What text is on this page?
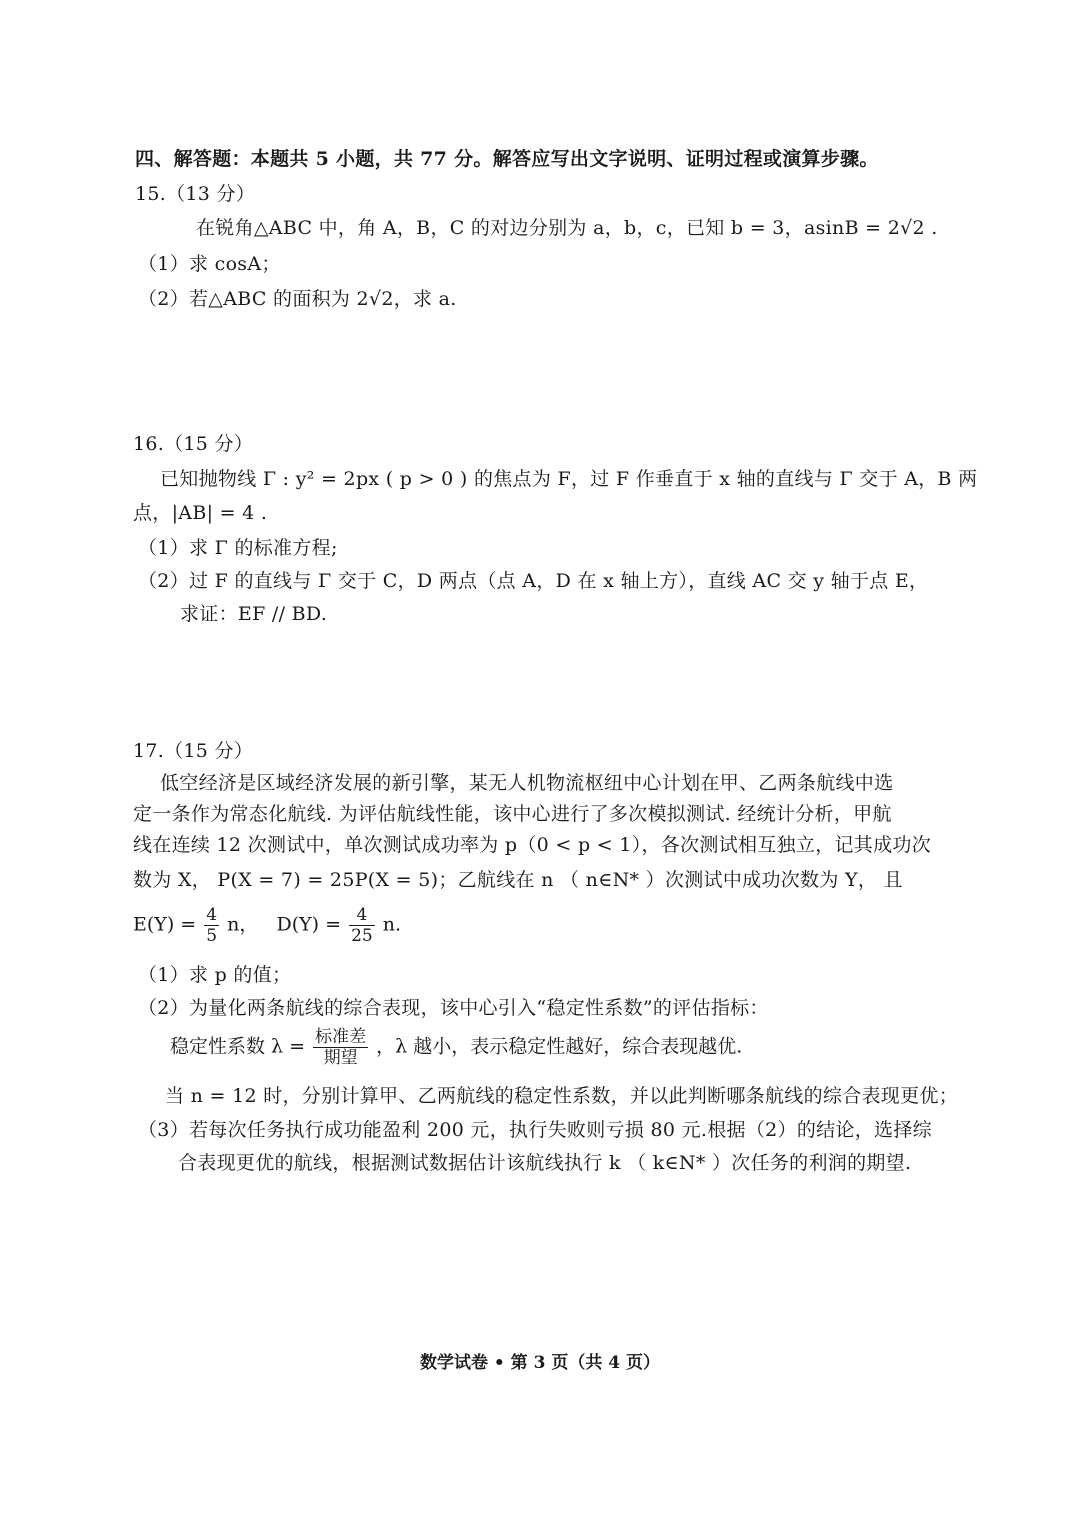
四、解答题：本题共 5 小题，共 77 分。解答应写出文字说明、证明过程或演算步骤。
15.（13 分）
在锐角△ABC 中，角 A，B，C 的对边分别为 a，b，c，已知 b = 3，asinB = 2√2 .
（1）求 cosA；
（2）若△ABC 的面积为 2√2，求 a.
16.（15 分）
已知抛物线 Γ : y² = 2px ( p > 0 ) 的焦点为 F，过 F 作垂直于 x 轴的直线与 Γ 交于 A，B 两
点，|AB| = 4 .
（1）求 Γ 的标准方程;
（2）过 F 的直线与 Γ 交于 C，D 两点（点 A，D 在 x 轴上方），直线 AC 交 y 轴于点 E，
求证：EF // BD.
17.（15 分）
低空经济是区域经济发展的新引擎，某无人机物流枢纽中心计划在甲、乙两条航线中选
定一条作为常态化航线. 为评估航线性能，该中心进行了多次模拟测试. 经统计分析，甲航
线在连续 12 次测试中，单次测试成功率为 p（0 < p < 1），各次测试相互独立，记其成功次
数为 X， P(X = 7) = 25P(X = 5)；乙航线在 n （ n∈N* ）次测试中成功次数为 Y， 且
$E(Y) = \frac{4}{5}$ n， $D(Y) = \frac{4}{25} n$.
（1）求 p 的值；
（2）为量化两条航线的综合表现，该中心引入“稳定性系数”的评估指标：
稳定性系数 $\lambda = \frac{\text{标准差}}{\text{期望}}$ ，λ 越小，表示稳定性越好，综合表现越优.
当 n = 12 时，分别计算甲、乙两航线的稳定性系数，并以此判断哪条航线的综合表现更优；
（3）若每次任务执行成功能盈利 200 元，执行失败则亏损 80 元.根据（2）的结论，选择综
合表现更优的航线，根据测试数据估计该航线执行 k （ k∈N* ）次任务的利润的期望.
数学试卷 • 第 3 页（共 4 页）
